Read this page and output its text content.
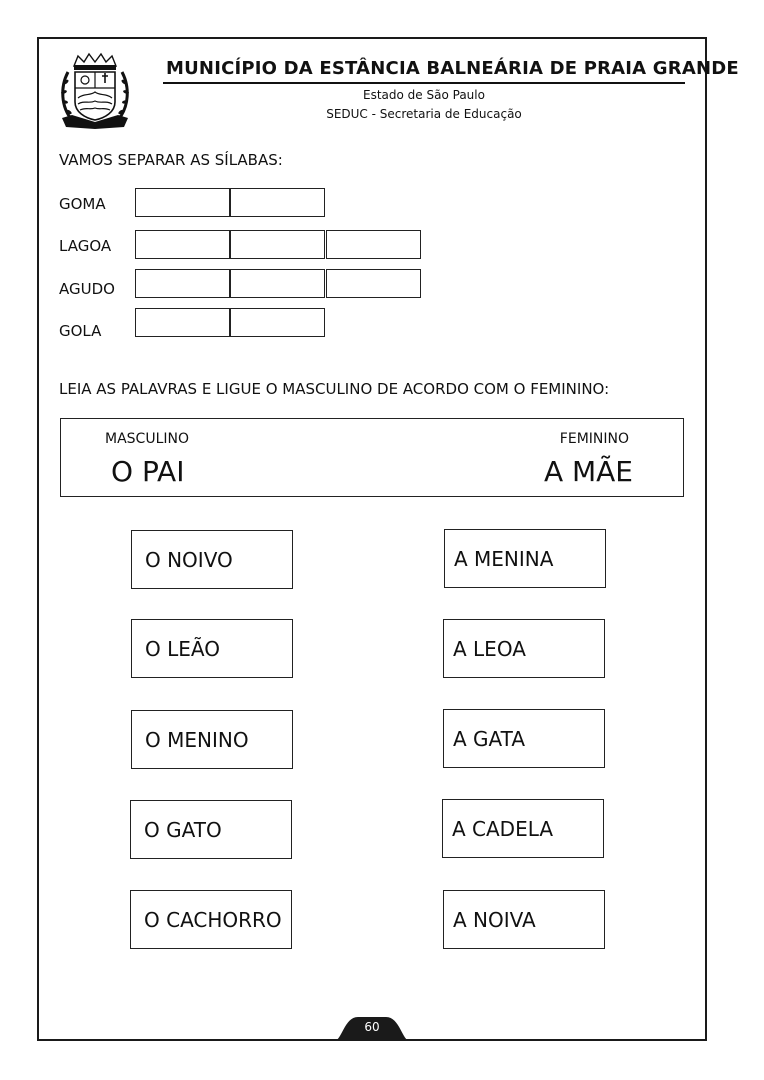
MUNICÍPIO DA ESTÂNCIA BALNEÁRIA DE PRAIA GRANDE
Estado de São Paulo
SEDUC - Secretaria de Educação
VAMOS SEPARAR AS SÍLABAS:
GOMA
LAGOA
AGUDO
GOLA
LEIA AS PALAVRAS E LIGUE O MASCULINO DE ACORDO COM O FEMININO:
MASCULINO
O PAI
FEMININO
A MÃE
O NOIVO
O LEÃO
O MENINO
O GATO
O CACHORRO
A MENINA
A LEOA
A GATA
A CADELA
A NOIVA
60
